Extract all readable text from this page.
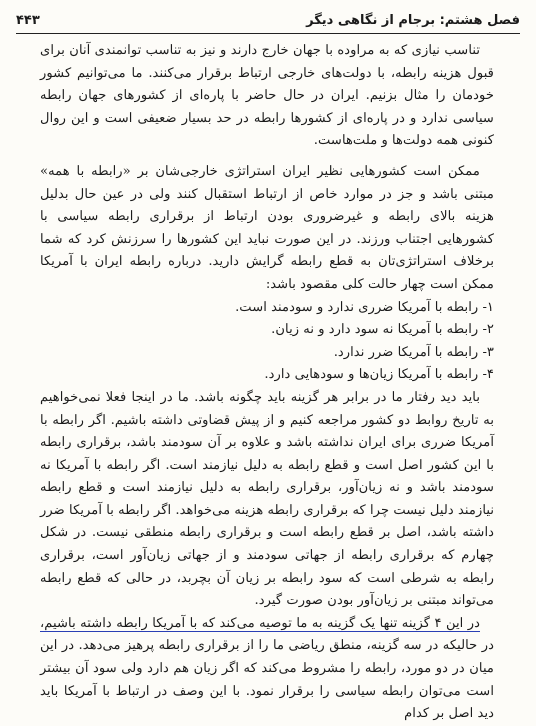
۴۴۳	فصل هشتم: برجام از نگاهی دیگر

تناسب نیازی که به مراوده با جهان خارج دارند و نیز به تناسب توانمندی آنان برای قبول هزینه رابطه، با دولت‌های خارجی ارتباط برقرار می‌کنند. ما می‌توانیم کشور خودمان را مثال بزنیم. ایران در حال حاضر با پاره‌ای از کشورهای جهان رابطه سیاسی ندارد و در پاره‌ای از کشورها رابطه در حد بسیار ضعیفی است و این روال کنونی همه دولت‌ها و ملت‌هاست.

ممکن است کشورهایی نظیر ایران استراتژی خارجی‌شان بر «رابطه با همه» مبتنی باشد و جز در موارد خاص از ارتباط استقبال کنند ولی در عین حال بدلیل هزینه بالای رابطه و غیرضروری بودن ارتباط از برقراری رابطه سیاسی با کشورهایی اجتناب ورزند. در این صورت نباید این کشورها را سرزنش کرد که شما برخلاف استراتژی‌تان به قطع رابطه گرایش دارید. درباره رابطه ایران با آمریکا ممکن است چهار حالت کلی مقصود باشد:

۱- رابطه با آمریکا ضرری ندارد و سودمند است.

۲- رابطه با آمریکا نه سود دارد و نه زیان.

۳- رابطه با آمریکا ضرر ندارد.

۴- رابطه با آمریکا زیان‌ها و سودهایی دارد.

باید دید رفتار ما در برابر هر گزینه باید چگونه باشد. ما در اینجا فعلا نمی‌خواهیم به تاریخ روابط دو کشور مراجعه کنیم و از پیش قضاوتی داشته باشیم. اگر رابطه با آمریکا ضرری برای ایران نداشته باشد و علاوه بر آن سودمند باشد، برقراری رابطه با این کشور اصل است و قطع رابطه به دلیل نیازمند است. اگر رابطه با آمریکا نه سودمند باشد و نه زیان‌آور، برقراری رابطه به دلیل نیازمند است و قطع رابطه نیازمند دلیل نیست چرا که برقراری رابطه هزینه می‌خواهد. اگر رابطه با آمریکا ضرر داشته باشد، اصل بر قطع رابطه است و برقراری رابطه منطقی نیست. در شکل چهارم که برقراری رابطه از جهاتی سودمند و از جهاتی زیان‌آور است، برقراری رابطه به شرطی است که سود رابطه بر زیان آن بچربد، در حالی که قطع رابطه می‌تواند مبتنی بر زیان‌آور بودن صورت گیرد.

در این ۴ گزینه تنها یک گزینه به ما توصیه می‌کند که با آمریکا رابطه داشته باشیم، در حالیکه در سه گزینه، منطق ریاضی ما را از برقراری رابطه پرهیز می‌دهد. در این میان در دو مورد، رابطه را مشروط می‌کند که اگر زیان هم دارد ولی سود آن بیشتر است می‌توان رابطه سیاسی را برقرار نمود. با این وصف در ارتباط با آمریکا باید دید اصل بر کدام
